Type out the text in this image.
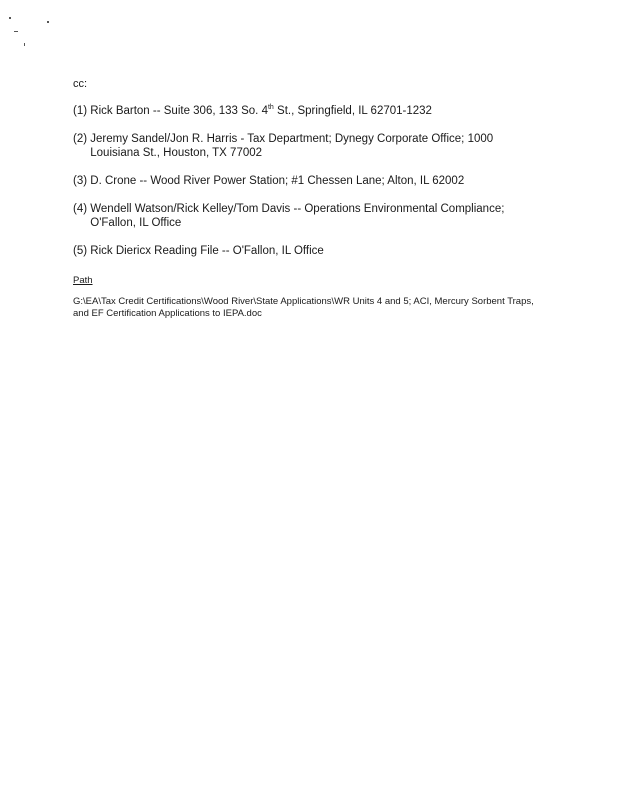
cc:
(1)
Rick Barton -- Suite 306, 133 So. 4th St., Springfield, IL 62701-1232
(2)
Jeremy Sandel/Jon R. Harris - Tax Department; Dynegy Corporate Office; 1000 Louisiana St., Houston, TX 77002
(3)
D. Crone -- Wood River Power Station; #1 Chessen Lane; Alton, IL 62002
(4)
Wendell Watson/Rick Kelley/Tom Davis -- Operations Environmental Compliance; O'Fallon, IL Office
(5)
Rick Diericx Reading File -- O'Fallon, IL Office
Path
G:\EA\Tax Credit Certifications\Wood River\State Applications\WR Units 4 and 5; ACI, Mercury Sorbent Traps, and EF Certification Applications to IEPA.doc
